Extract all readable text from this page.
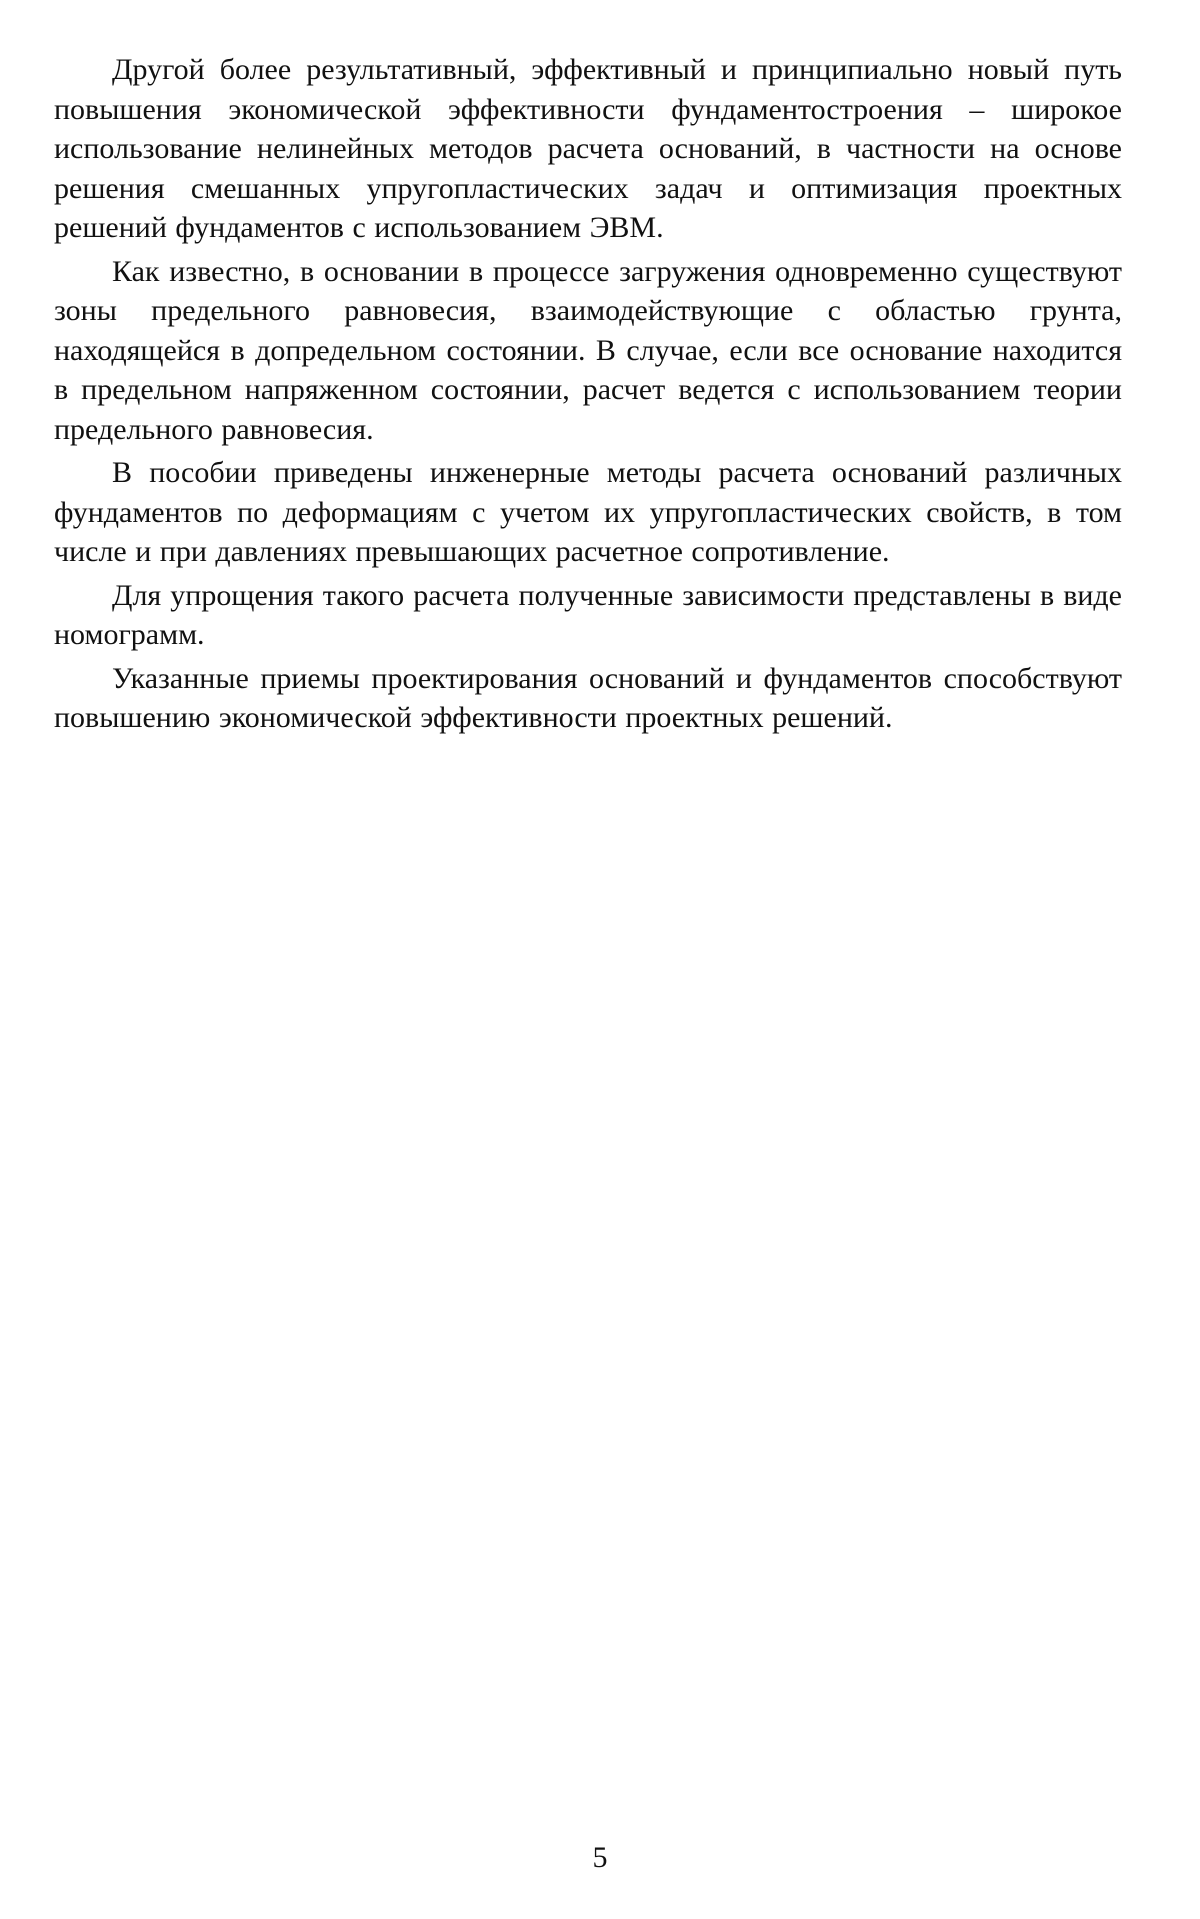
Другой более результативный, эффективный и принципиально новый путь повышения экономической эффективности фундаментостроения – широкое использование нелинейных методов расчета оснований, в частности на основе решения смешанных упругопластических задач и оптимизация проектных решений фундаментов с использованием ЭВМ.

Как известно, в основании в процессе загружения одновременно существуют зоны предельного равновесия, взаимодействующие с областью грунта, находящейся в допредельном состоянии. В случае, если все основание находится в предельном напряженном состоянии, расчет ведется с использованием теории предельного равновесия.

В пособии приведены инженерные методы расчета оснований различных фундаментов по деформациям с учетом их упругопластических свойств, в том числе и при давлениях превышающих расчетное сопротивление.

Для упрощения такого расчета полученные зависимости представлены в виде номограмм.

Указанные приемы проектирования оснований и фундаментов способствуют повышению экономической эффективности проектных решений.

5
